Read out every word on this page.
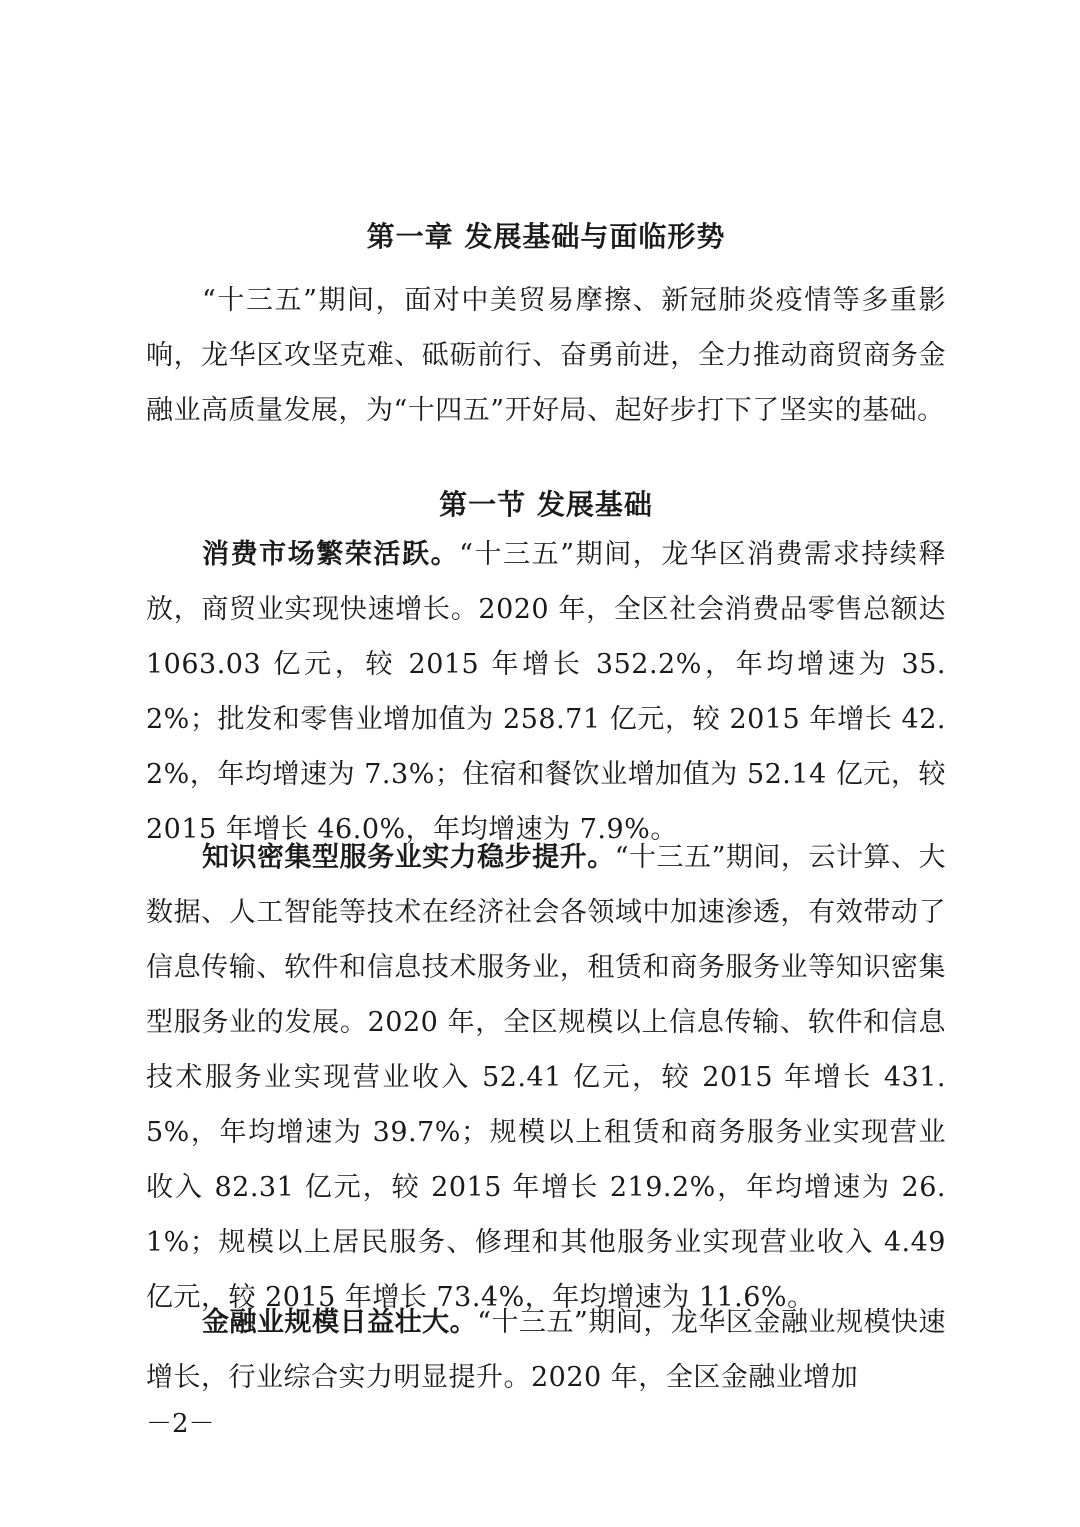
第一章 发展基础与面临形势

“十三五”期间，面对中美贸易摩擦、新冠肺炎疫情等多重影响，龙华区攻坚克难、砥砺前行、奋勇前进，全力推动商贸商务金融业高质量发展，为“十四五”开好局、起好步打下了坚实的基础。

第一节 发展基础

消费市场繁荣活跃。“十三五”期间，龙华区消费需求持续释放，商贸业实现快速增长。2020 年，全区社会消费品零售总额达 1063.03 亿元，较 2015 年增长 352.2%，年均增速为 35.2%；批发和零售业增加值为 258.71 亿元，较 2015 年增长 42.2%，年均增速为 7.3%；住宿和餐饮业增加值为 52.14 亿元，较 2015 年增长 46.0%，年均增速为 7.9%。

知识密集型服务业实力稳步提升。“十三五”期间，云计算、大数据、人工智能等技术在经济社会各领域中加速渗透，有效带动了信息传输、软件和信息技术服务业，租赁和商务服务业等知识密集型服务业的发展。2020 年，全区规模以上信息传输、软件和信息技术服务业实现营业收入 52.41 亿元，较 2015 年增长 431.5%，年均增速为 39.7%；规模以上租赁和商务服务业实现营业收入 82.31 亿元，较 2015 年增长 219.2%，年均增速为 26.1%；规模以上居民服务、修理和其他服务业实现营业收入 4.49 亿元，较 2015 年增长 73.4%，年均增速为 11.6%。

金融业规模日益壮大。“十三五”期间，龙华区金融业规模快速增长，行业综合实力明显提升。2020 年，全区金融业增加

－2－
